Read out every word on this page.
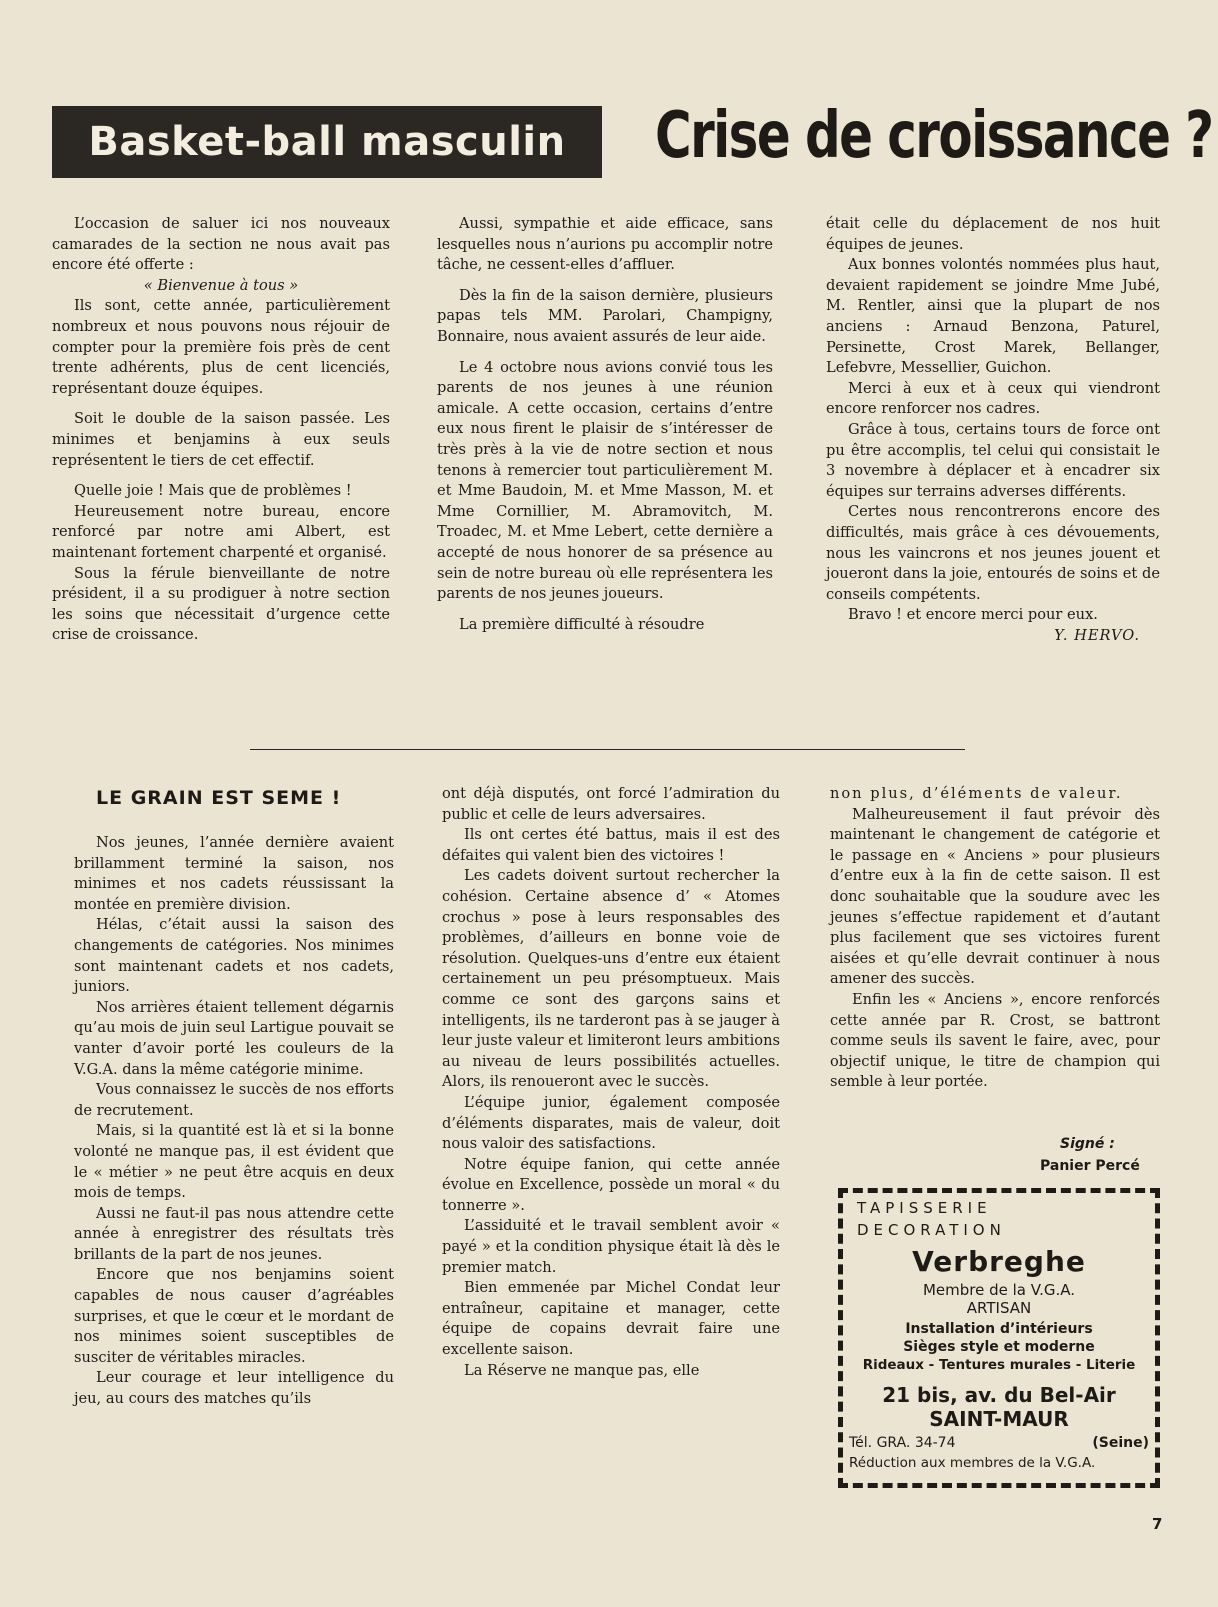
Basket-ball masculin	Crise de croissance ?

L’occasion de saluer ici nos nouveaux camarades de la section ne nous avait pas encore été offerte :

« Bienvenue à tous »

Ils sont, cette année, particulièrement nombreux et nous pouvons nous réjouir de compter pour la première fois près de cent trente adhérents, plus de cent licenciés, représentant douze équipes.

Soit le double de la saison passée. Les minimes et benjamins à eux seuls représentent le tiers de cet effectif.

Quelle joie ! Mais que de problèmes !

Heureusement notre bureau, encore renforcé par notre ami Albert, est maintenant fortement charpenté et organisé.

Sous la férule bienveillante de notre président, il a su prodiguer à notre section les soins que nécessitait d’urgence cette crise de croissance.

Aussi, sympathie et aide efficace, sans lesquelles nous n’aurions pu accomplir notre tâche, ne cessent-elles d’affluer.

Dès la fin de la saison dernière, plusieurs papas tels MM. Parolari, Champigny, Bonnaire, nous avaient assurés de leur aide.

Le 4 octobre nous avions convié tous les parents de nos jeunes à une réunion amicale. A cette occasion, certains d’entre eux nous firent le plaisir de s’intéresser de très près à la vie de notre section et nous tenons à remercier tout particulièrement M. et Mme Baudoin, M. et Mme Masson, M. et Mme Cornillier, M. Abramovitch, M. Troadec, M. et Mme Lebert, cette dernière a accepté de nous honorer de sa présence au sein de notre bureau où elle représentera les parents de nos jeunes joueurs.

La première difficulté à résoudre

était celle du déplacement de nos huit équipes de jeunes.

Aux bonnes volontés nommées plus haut, devaient rapidement se joindre Mme Jubé, M. Rentler, ainsi que la plupart de nos anciens : Arnaud Benzona, Paturel, Persinette, Crost Marek, Bellanger, Lefebvre, Messellier, Guichon.

Merci à eux et à ceux qui viendront encore renforcer nos cadres.

Grâce à tous, certains tours de force ont pu être accomplis, tel celui qui consistait le 3 novembre à déplacer et à encadrer six équipes sur terrains adverses différents.

Certes nous rencontrerons encore des difficultés, mais grâce à ces dévouements, nous les vaincrons et nos jeunes jouent et joueront dans la joie, entourés de soins et de conseils compétents.

Bravo ! et encore merci pour eux.

Y. HERVO.

LE GRAIN EST SEME !

Nos jeunes, l’année dernière avaient brillamment terminé la saison, nos minimes et nos cadets réussissant la montée en première division.

Hélas, c’était aussi la saison des changements de catégories. Nos minimes sont maintenant cadets et nos cadets, juniors.

Nos arrières étaient tellement dégarnis qu’au mois de juin seul Lartigue pouvait se vanter d’avoir porté les couleurs de la V.G.A. dans la même catégorie minime.

Vous connaissez le succès de nos efforts de recrutement.

Mais, si la quantité est là et si la bonne volonté ne manque pas, il est évident que le « métier » ne peut être acquis en deux mois de temps.

Aussi ne faut-il pas nous attendre cette année à enregistrer des résultats très brillants de la part de nos jeunes.

Encore que nos benjamins soient capables de nous causer d’agréables surprises, et que le cœur et le mordant de nos minimes soient susceptibles de susciter de véritables miracles.

Leur courage et leur intelligence du jeu, au cours des matches qu’ils

ont déjà disputés, ont forcé l’admiration du public et celle de leurs adversaires.

Ils ont certes été battus, mais il est des défaites qui valent bien des victoires !

Les cadets doivent surtout rechercher la cohésion. Certaine absence d’ « Atomes crochus » pose à leurs responsables des problèmes, d’ailleurs en bonne voie de résolution. Quelques-uns d’entre eux étaient certainement un peu présomptueux. Mais comme ce sont des garçons sains et intelligents, ils ne tarderont pas à se jauger à leur juste valeur et limiteront leurs ambitions au niveau de leurs possibilités actuelles. Alors, ils renoueront avec le succès.

L’équipe junior, également composée d’éléments disparates, mais de valeur, doit nous valoir des satisfactions.

Notre équipe fanion, qui cette année évolue en Excellence, possède un moral « du tonnerre ».

L’assiduité et le travail semblent avoir « payé » et la condition physique était là dès le premier match.

Bien emmenée par Michel Condat leur entraîneur, capitaine et manager, cette équipe de copains devrait faire une excellente saison.

La Réserve ne manque pas, elle

non plus, d’éléments de valeur.

Malheureusement il faut prévoir dès maintenant le changement de catégorie et le passage en « Anciens » pour plusieurs d’entre eux à la fin de cette saison. Il est donc souhaitable que la soudure avec les jeunes s’effectue rapidement et d’autant plus facilement que ses victoires furent aisées et qu’elle devrait continuer à nous amener des succès.

Enfin les « Anciens », encore renforcés cette année par R. Crost, se battront comme seuls ils savent le faire, avec, pour objectif unique, le titre de champion qui semble à leur portée.

Signé :
Panier Percé
TAPISSERIE
DECORATION
Verbreghe
Membre de la V.G.A.
ARTISAN
Installation d’intérieurs
Sièges style et moderne
Rideaux - Tentures murales - Literie
21 bis, av. du Bel-Air
SAINT-MAUR
Tél. GRA. 34-74	(Seine)
Réduction aux membres de la V.G.A.
7
